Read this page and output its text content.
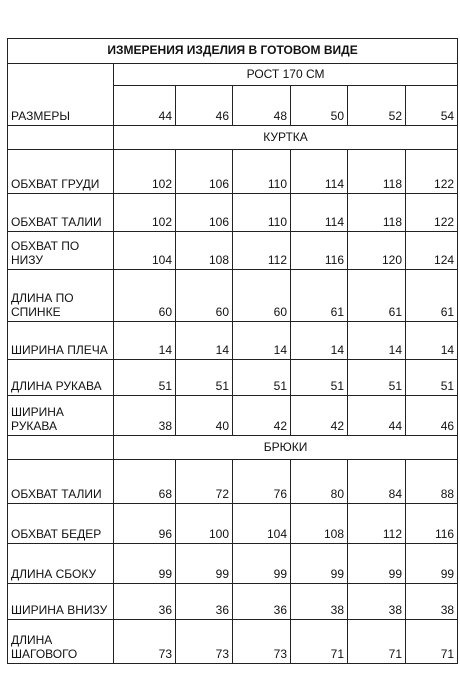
ИЗМЕРЕНИЯ ИЗДЕЛИЯ В ГОТОВОМ ВИДЕ						
РАЗМЕРЫ	РОСТ 170 СМ					
	44	46	48	50	52	54
	КУРТКА					
ОБХВАТ ГРУДИ	102	106	110	114	118	122
ОБХВАТ ТАЛИИ	102	106	110	114	118	122
ОБХВАТ ПО НИЗУ	104	108	112	116	120	124
ДЛИНА ПО СПИНКЕ	60	60	60	61	61	61
ШИРИНА ПЛЕЧА	14	14	14	14	14	14
ДЛИНА РУКАВА	51	51	51	51	51	51
ШИРИНА РУКАВА	38	40	42	42	44	46
	БРЮКИ					
ОБХВАТ ТАЛИИ	68	72	76	80	84	88
ОБХВАТ БЕДЕР	96	100	104	108	112	116
ДЛИНА СБОКУ	99	99	99	99	99	99
ШИРИНА ВНИЗУ	36	36	36	38	38	38
ДЛИНА ШАГОВОГО	73	73	73	71	71	71
